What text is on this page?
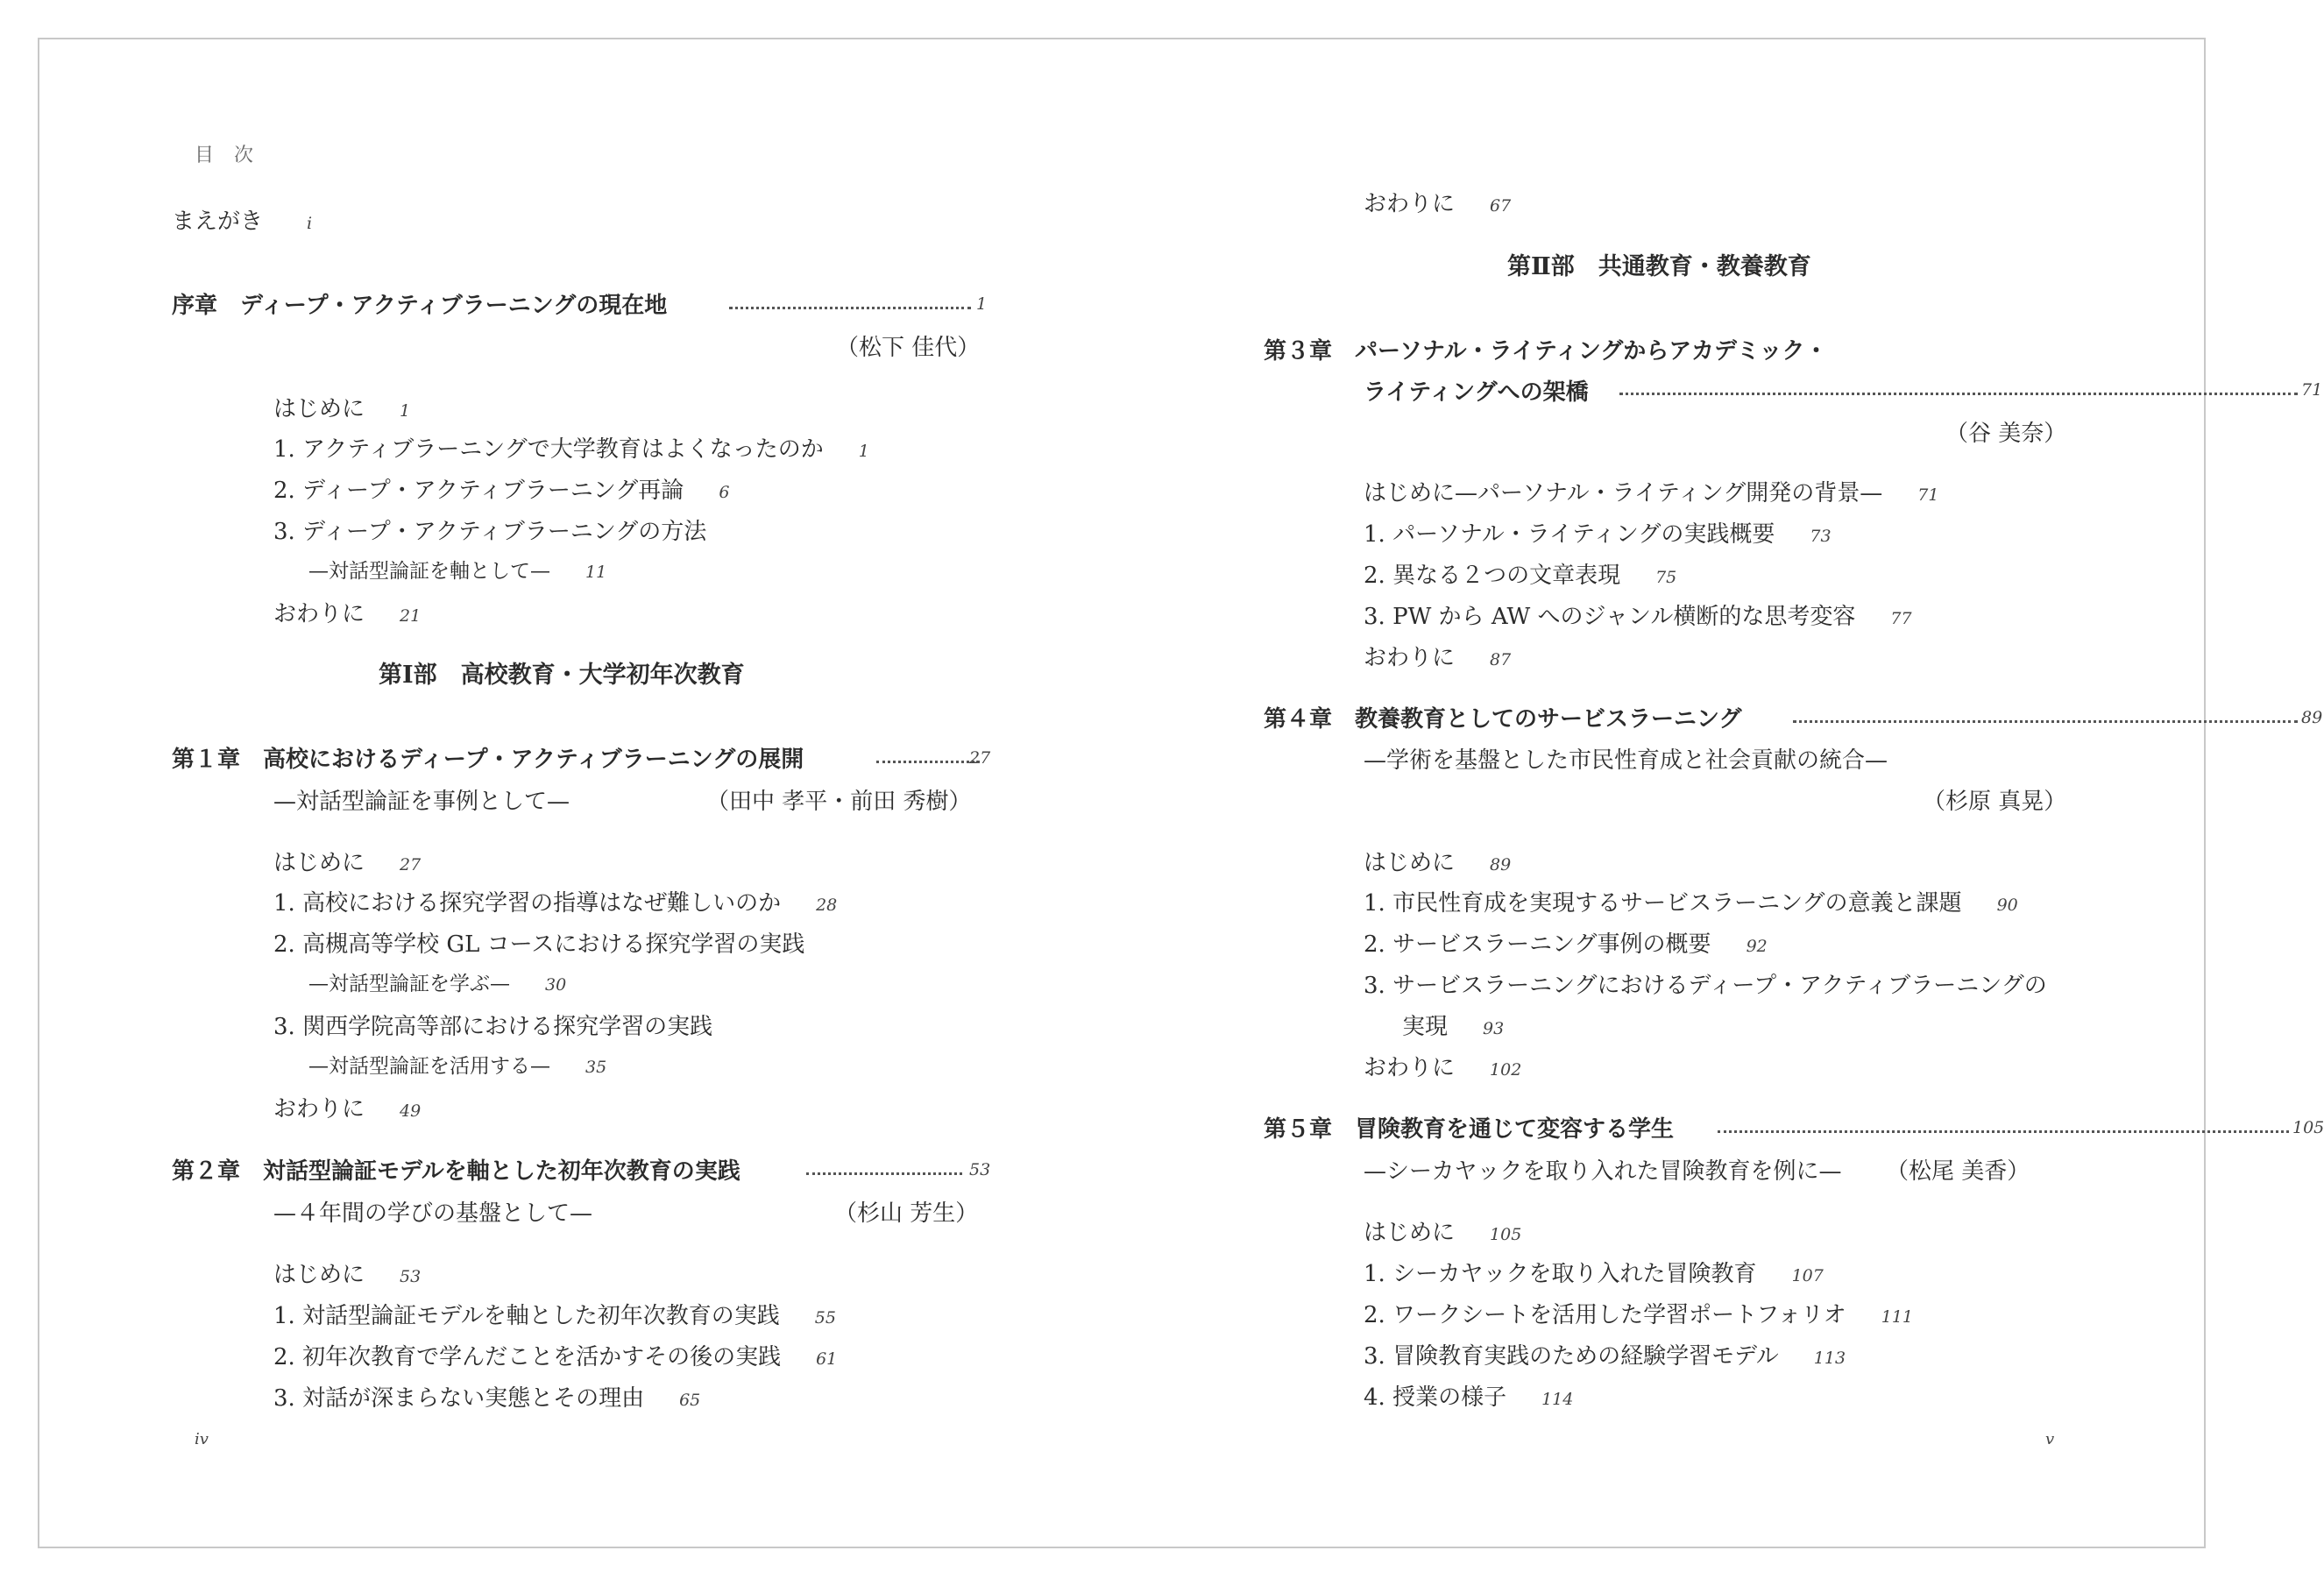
目 次
まえがき	i
序章 ディープ・アクティブラーニングの現在地	1
（松下 佳代）
はじめに 1
1. アクティブラーニングで大学教育はよくなったのか 1
2. ディープ・アクティブラーニング再論 6
3. ディープ・アクティブラーニングの方法
—対話型論証を軸として— 11
おわりに 21
第Ⅰ部　高校教育・大学初年次教育
第１章 高校におけるディープ・アクティブラーニングの展開	27
—対話型論証を事例として—	（田中 孝平・前田 秀樹）
はじめに 27
1. 高校における探究学習の指導はなぜ難しいのか 28
2. 高槻高等学校 GL コースにおける探究学習の実践
—対話型論証を学ぶ— 30
3. 関西学院高等部における探究学習の実践
—対話型論証を活用する— 35
おわりに 49
第２章 対話型論証モデルを軸とした初年次教育の実践	53
—４年間の学びの基盤として—	（杉山 芳生）
はじめに 53
1. 対話型論証モデルを軸とした初年次教育の実践 55
2. 初年次教育で学んだことを活かすその後の実践 61
3. 対話が深まらない実態とその理由 65
iv
おわりに 67
第Ⅱ部　共通教育・教養教育
第３章 パーソナル・ライティングからアカデミック・
ライティングへの架橋	71
（谷 美奈）
はじめに—パーソナル・ライティング開発の背景— 71
1. パーソナル・ライティングの実践概要 73
2. 異なる２つの文章表現 75
3. PW から AW へのジャンル横断的な思考変容 77
おわりに 87
第４章 教養教育としてのサービスラーニング	89
—学術を基盤とした市民性育成と社会貢献の統合—
（杉原 真晃）
はじめに 89
1. 市民性育成を実現するサービスラーニングの意義と課題 90
2. サービスラーニング事例の概要 92
3. サービスラーニングにおけるディープ・アクティブラーニングの
実現 93
おわりに 102
第５章 冒険教育を通じて変容する学生	105
—シーカヤックを取り入れた冒険教育を例に— （松尾 美香）
はじめに 105
1. シーカヤックを取り入れた冒険教育 107
2. ワークシートを活用した学習ポートフォリオ 111
3. 冒険教育実践のための経験学習モデル 113
4. 授業の様子 114
v
